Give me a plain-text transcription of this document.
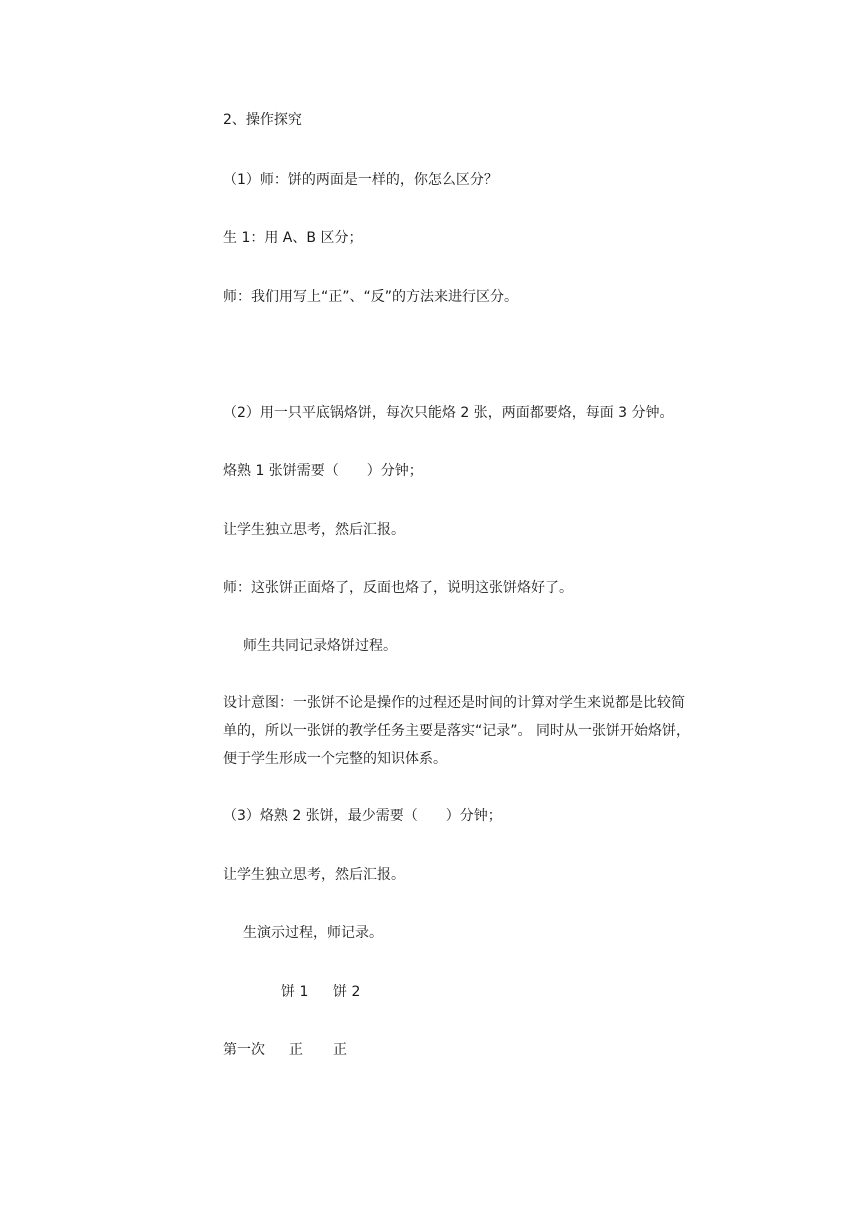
2、操作探究
（1）师：饼的两面是一样的，你怎么区分？
生 1：用 A、B 区分；
师：我们用写上“正”、“反”的方法来进行区分。
（2）用一只平底锅烙饼，每次只能烙 2 张，两面都要烙，每面 3 分钟。
烙熟 1 张饼需要（　　）分钟；
让学生独立思考，然后汇报。
师：这张饼正面烙了，反面也烙了，说明这张饼烙好了。
师生共同记录烙饼过程。
设计意图：一张饼不论是操作的过程还是时间的计算对学生来说都是比较简
单的，所以一张饼的教学任务主要是落实“记录”。 同时从一张饼开始烙饼，
便于学生形成一个完整的知识体系。
（3）烙熟 2 张饼，最少需要（　　）分钟；
让学生独立思考，然后汇报。
生演示过程，师记录。
饼 1 饼 2
第一次 正 正
